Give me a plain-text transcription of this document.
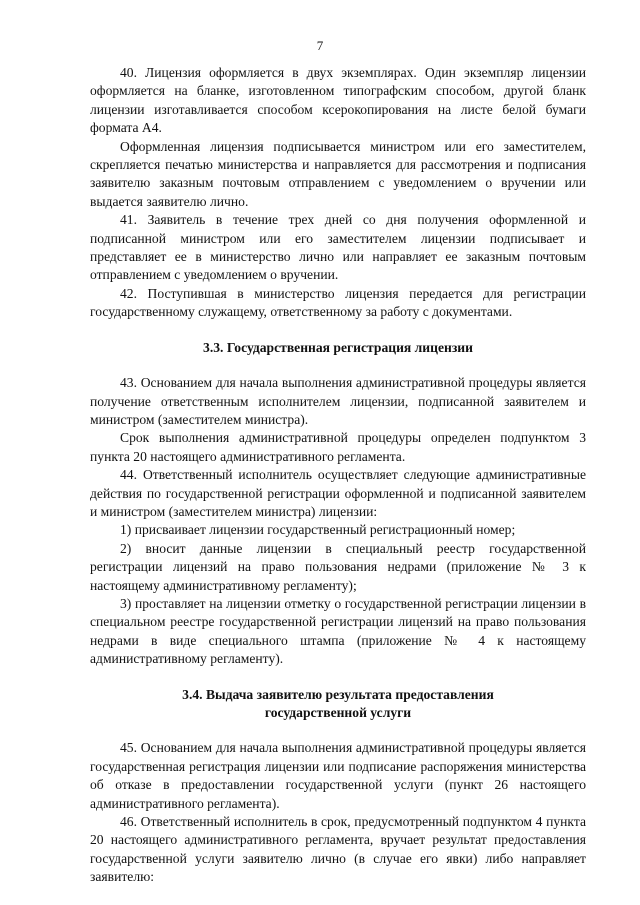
7

40. Лицензия оформляется в двух экземплярах. Один экземпляр лицензии оформляется на бланке, изготовленном типографским способом, другой бланк лицензии изготавливается способом ксерокопирования на листе белой бумаги формата А4.

Оформленная лицензия подписывается министром или его заместителем, скрепляется печатью министерства и направляется для рассмотрения и подписания заявителю заказным почтовым отправлением с уведомлением о вручении или выдается заявителю лично.

41. Заявитель в течение трех дней со дня получения оформленной и подписанной министром или его заместителем лицензии подписывает и представляет ее в министерство лично или направляет ее заказным почтовым отправлением с уведомлением о вручении.

42. Поступившая в министерство лицензия передается для регистрации государственному служащему, ответственному за работу с документами.

3.3. Государственная регистрация лицензии

43. Основанием для начала выполнения административной процедуры является получение ответственным исполнителем лицензии, подписанной заявителем и министром (заместителем министра).

Срок выполнения административной процедуры определен подпунктом 3 пункта 20 настоящего административного регламента.

44. Ответственный исполнитель осуществляет следующие административные действия по государственной регистрации оформленной и подписанной заявителем и министром (заместителем министра) лицензии:

1) присваивает лицензии государственный регистрационный номер;

2) вносит данные лицензии в специальный реестр государственной регистрации лицензий на право пользования недрами (приложение № 3 к настоящему административному регламенту);

3) проставляет на лицензии отметку о государственной регистрации лицензии в специальном реестре государственной регистрации лицензий на право пользования недрами в виде специального штампа (приложение № 4 к настоящему административному регламенту).

3.4. Выдача заявителю результата предоставления

государственной услуги

45. Основанием для начала выполнения административной процедуры является государственная регистрация лицензии или подписание распоряжения министерства об отказе в предоставлении государственной услуги (пункт 26 настоящего административного регламента).

46. Ответственный исполнитель в срок, предусмотренный подпунктом 4 пункта 20 настоящего административного регламента, вручает результат предоставления государственной услуги заявителю лично (в случае его явки) либо направляет заявителю:
